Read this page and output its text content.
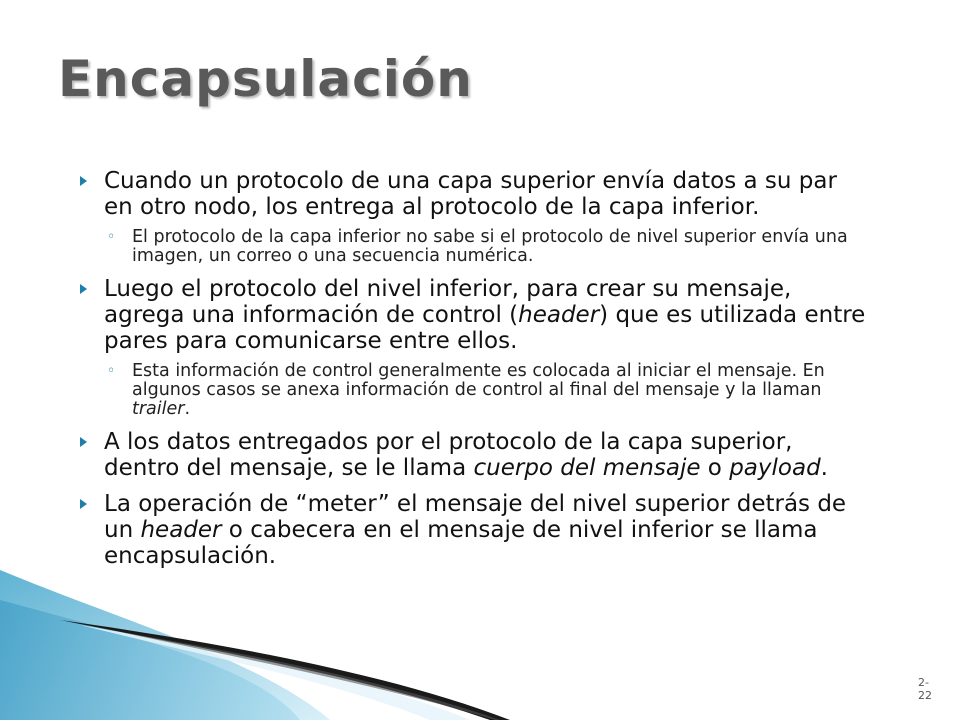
Encapsulación
Cuando un protocolo de una capa superior envía datos a su par en otro nodo, los entrega al protocolo de la capa inferior.
◦ El protocolo de la capa inferior no sabe si el protocolo de nivel superior envía una imagen, un correo o una secuencia numérica.
Luego el protocolo del nivel inferior, para crear su mensaje, agrega una información de control (header) que es utilizada entre pares para comunicarse entre ellos.
◦ Esta información de control generalmente es colocada al iniciar el mensaje. En algunos casos se anexa información de control al final del mensaje y la llaman trailer.
A los datos entregados por el protocolo de la capa superior, dentro del mensaje, se le llama cuerpo del mensaje o payload.
La operación de “meter” el mensaje del nivel superior detrás de un header o cabecera en el mensaje de nivel inferior se llama encapsulación.
2-
22
